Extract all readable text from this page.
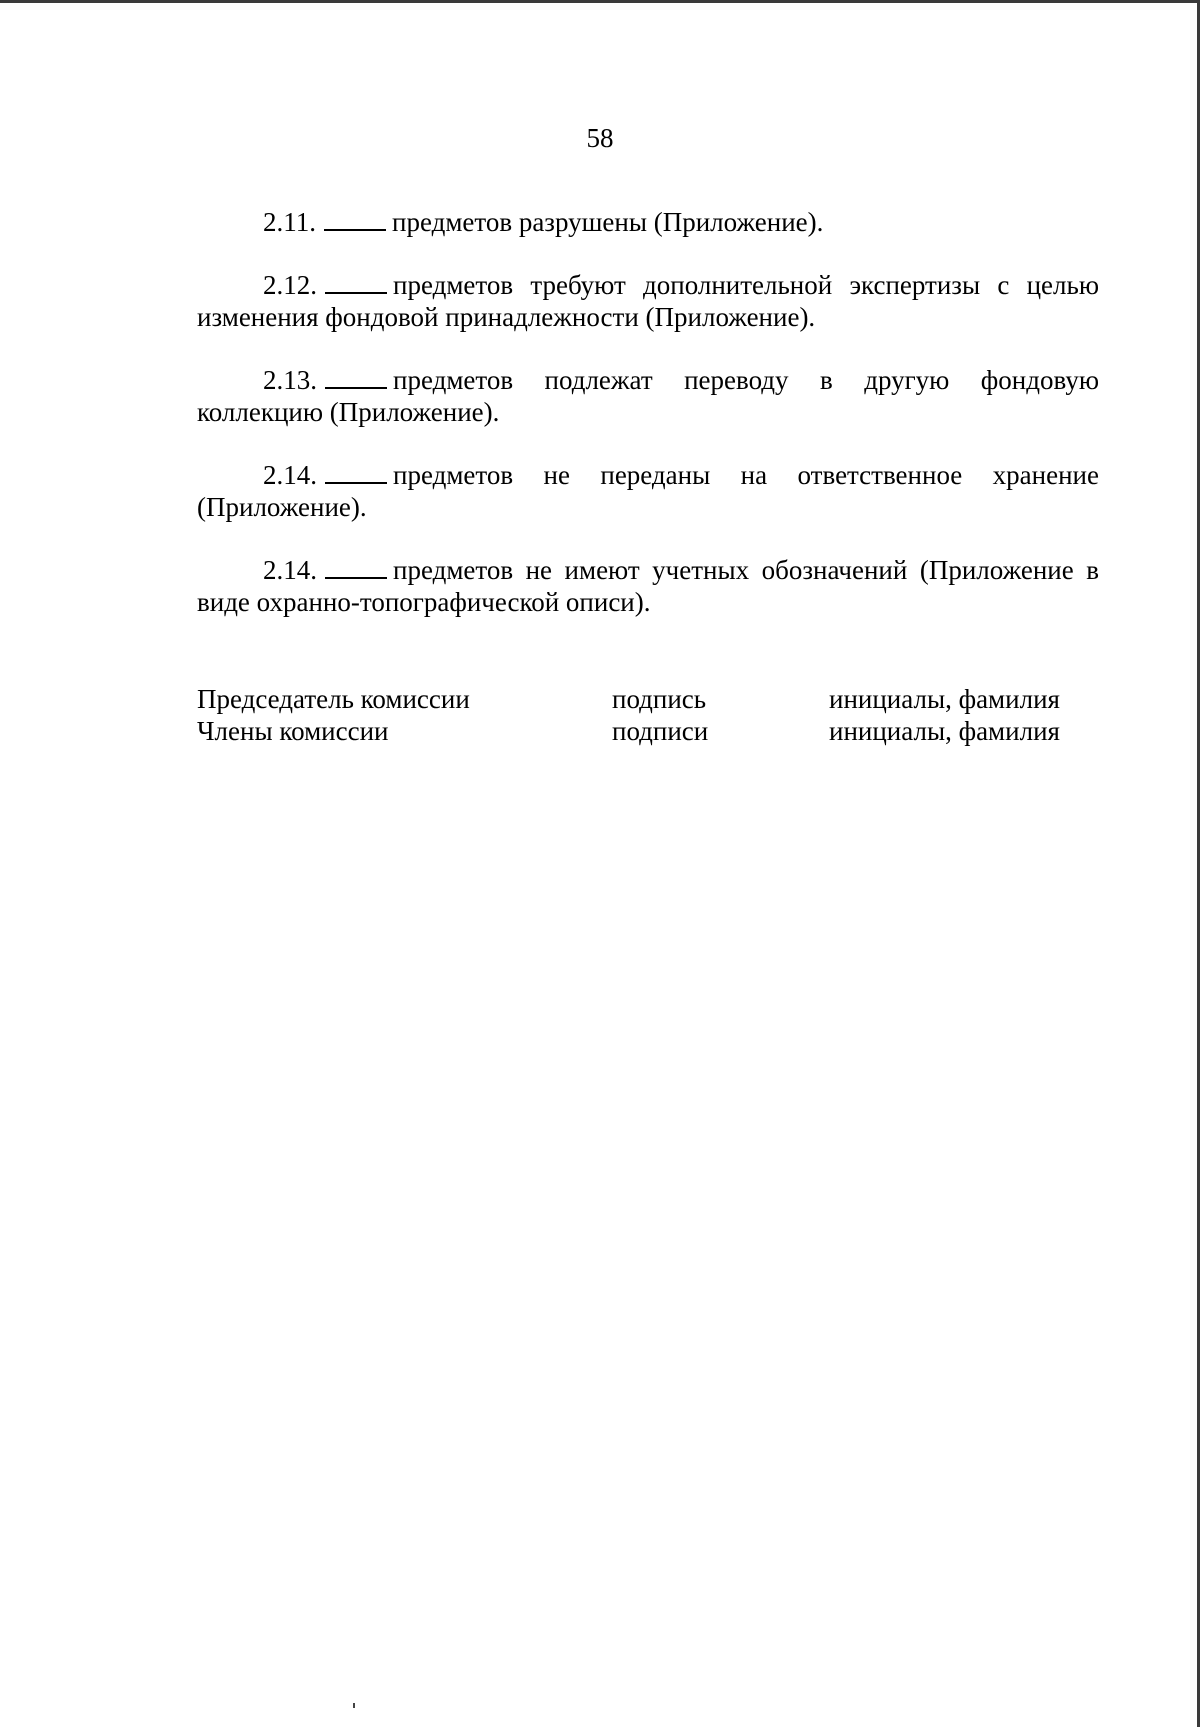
58

2.11.	предметов разрушены (Приложение).

2.12.	предметов требуют дополнительной экспертизы с целью изменения фондовой принадлежности (Приложение).

2.13.	предметов подлежат переводу в другую фондовую коллекцию (Приложение).

2.14.	предметов не переданы на ответственное хранение (Приложение).

2.14.	предметов не имеют учетных обозначений (Приложение в виде охранно-топографической описи).

Председатель комиссии	подпись	инициалы, фамилия
Члены комиссии	подписи	инициалы, фамилия
